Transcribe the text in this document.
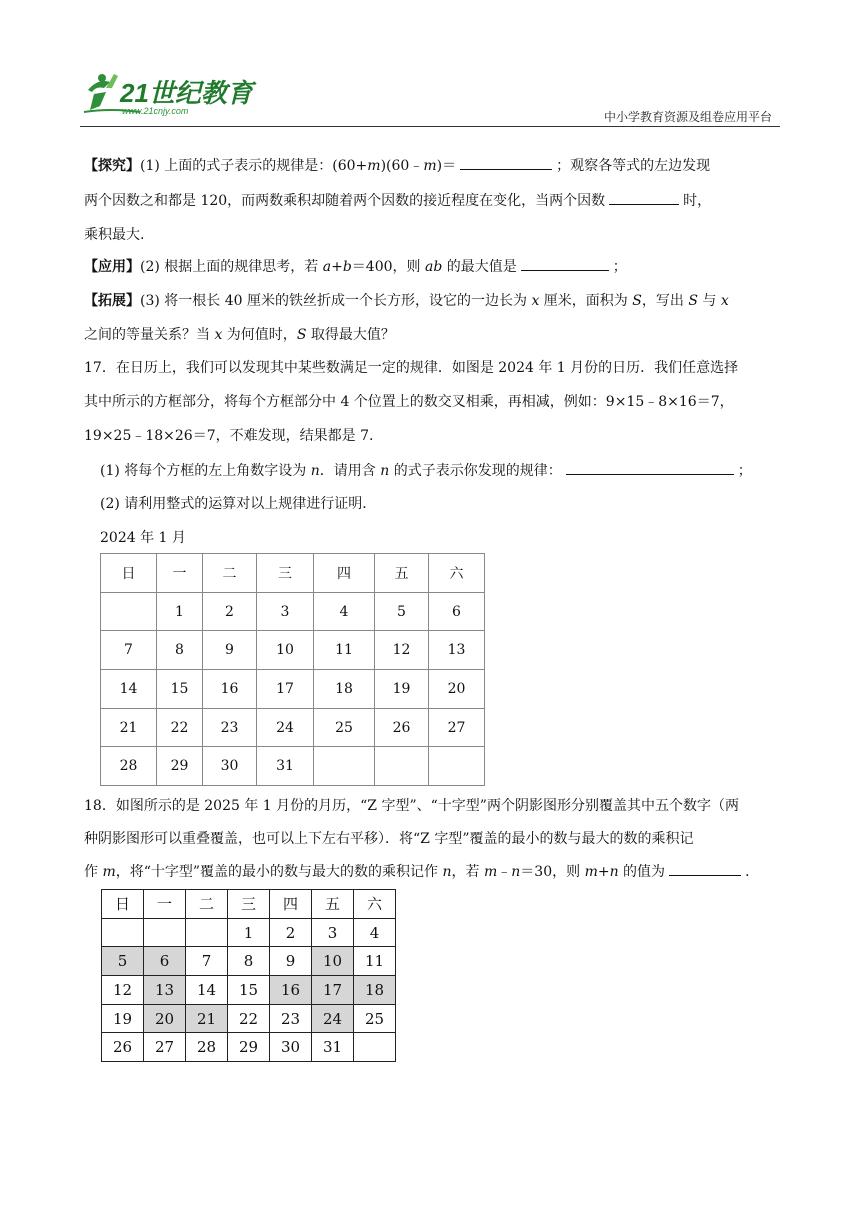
21世纪教育
www.21cnjy.com	中小学教育资源及组卷应用平台
【探究】(1) 上面的式子表示的规律是：(60+m)(60﹣m)＝	；观察各等式的左边发现
两个因数之和都是 120，而两数乘积却随着两个因数的接近程度在变化，当两个因数	时，
乘积最大.
【应用】(2) 根据上面的规律思考，若 a+b＝400，则 ab 的最大值是	；
【拓展】(3) 将一根长 40 厘米的铁丝折成一个长方形，设它的一边长为 x 厘米，面积为 S，写出 S 与 x
之间的等量关系？当 x 为何值时，S 取得最大值？
17．在日历上，我们可以发现其中某些数满足一定的规律．如图是 2024 年 1 月份的日历．我们任意选择
其中所示的方框部分，将每个方框部分中 4 个位置上的数交叉相乘，再相减，例如：9×15﹣8×16＝7，
19×25﹣18×26＝7，不难发现，结果都是 7.
(1) 将每个方框的左上角数字设为 n．请用含 n 的式子表示你发现的规律：	；
(2) 请利用整式的运算对以上规律进行证明．
2024 年 1 月
日	一	二	三	四	五	六
	1	2	3	4	5	6
7	8	9	10	11	12	13
14	15	16	17	18	19	20
21	22	23	24	25	26	27
28	29	30	31			
18．如图所示的是 2025 年 1 月份的月历，“Z 字型”、“十字型”两个阴影图形分别覆盖其中五个数字（两
种阴影图形可以重叠覆盖，也可以上下左右平移）．将“Z 字型”覆盖的最小的数与最大的数的乘积记
作 m，将“十字型”覆盖的最小的数与最大的数的乘积记作 n，若 m﹣n＝30，则 m+n 的值为	．
日	一	二	三	四	五	六
			1	2	3	4
5	6	7	8	9	10	11
12	13	14	15	16	17	18
19	20	21	22	23	24	25
26	27	28	29	30	31	
